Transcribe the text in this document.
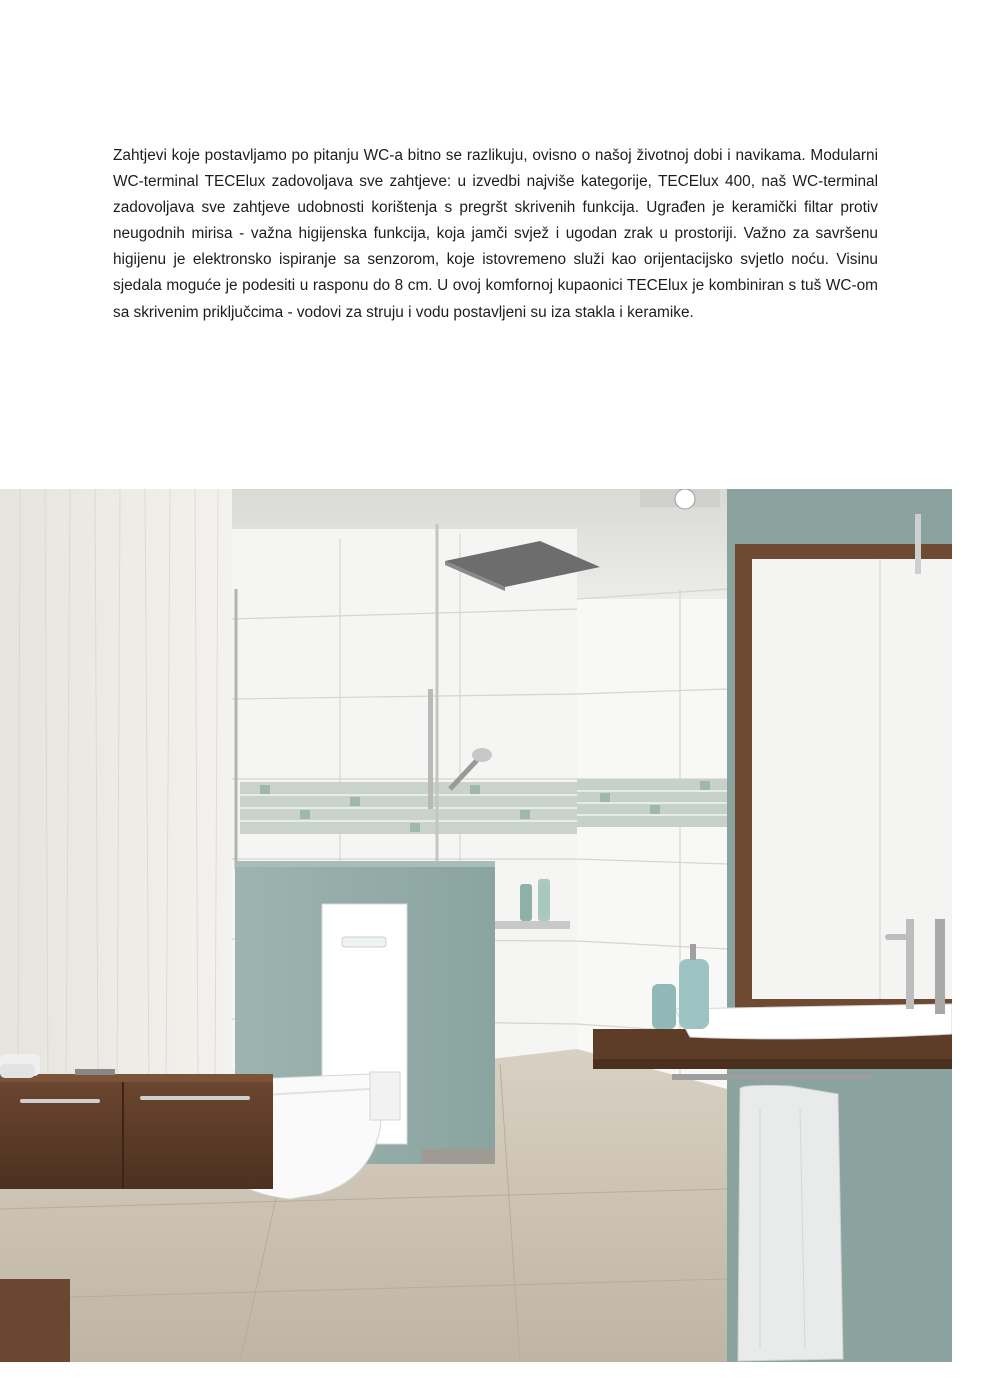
Zahtjevi koje postavljamo po pitanju WC-a bitno se razlikuju, ovisno o našoj životnoj dobi i navikama. Modularni WC-terminal TECElux zadovoljava sve zahtjeve: u izvedbi najviše kategorije, TECElux 400, naš WC-terminal zadovoljava sve zahtjeve udobnosti korištenja s pregršt skrivenih funkcija. Ugrađen je keramički filtar protiv neugodnih mirisa - važna higijenska funkcija, koja jamči svjež i ugodan zrak u prostoriji. Važno za savršenu higijenu je elektronsko ispiranje sa senzorom, koje istovremeno služi kao orijentacijsko svjetlo noću. Visinu sjedala moguće je podesiti u rasponu do 8 cm. U ovoj komfornoj kupaonici TECElux je kombiniran s tuš WC-om sa skrivenim priključcima - vodovi za struju i vodu postavljeni su iza stakla i keramike.
